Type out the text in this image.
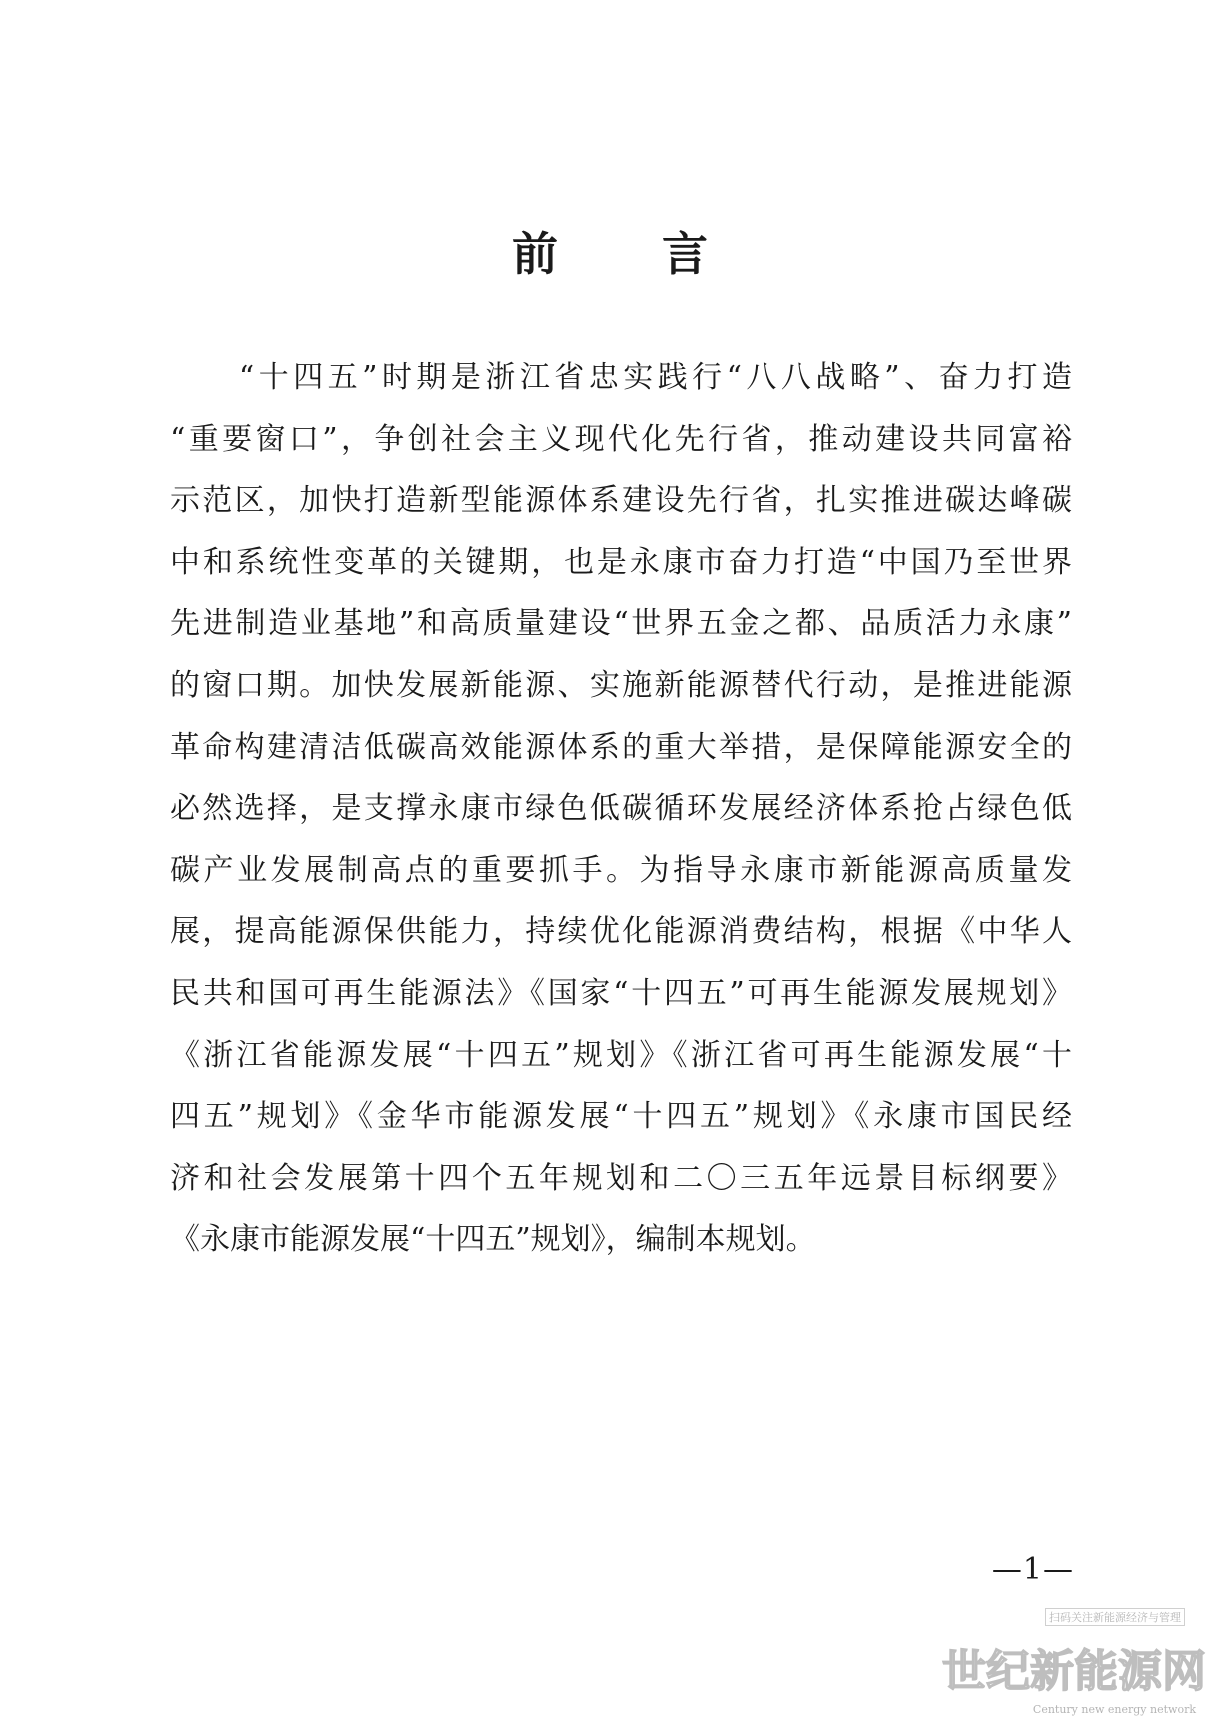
前 言
　　“十四五”时期是浙江省忠实践行“八八战略”、奋力打造
“重要窗口”，争创社会主义现代化先行省，推动建设共同富裕
示范区，加快打造新型能源体系建设先行省，扎实推进碳达峰碳
中和系统性变革的关键期，也是永康市奋力打造“中国乃至世界
先进制造业基地”和高质量建设“世界五金之都、品质活力永康”
的窗口期。加快发展新能源、实施新能源替代行动，是推进能源
革命构建清洁低碳高效能源体系的重大举措，是保障能源安全的
必然选择，是支撑永康市绿色低碳循环发展经济体系抢占绿色低
碳产业发展制高点的重要抓手。为指导永康市新能源高质量发
展，提高能源保供能力，持续优化能源消费结构，根据《中华人
民共和国可再生能源法》《国家“十四五”可再生能源发展规划》
《浙江省能源发展“十四五”规划》《浙江省可再生能源发展“十
四五”规划》《金华市能源发展“十四五”规划》《永康市国民经
济和社会发展第十四个五年规划和二〇三五年远景目标纲要》
《永康市能源发展“十四五”规划》，编制本规划。
—1—
扫码关注新能源经济与管理
世纪新能源网
Century new energy network
